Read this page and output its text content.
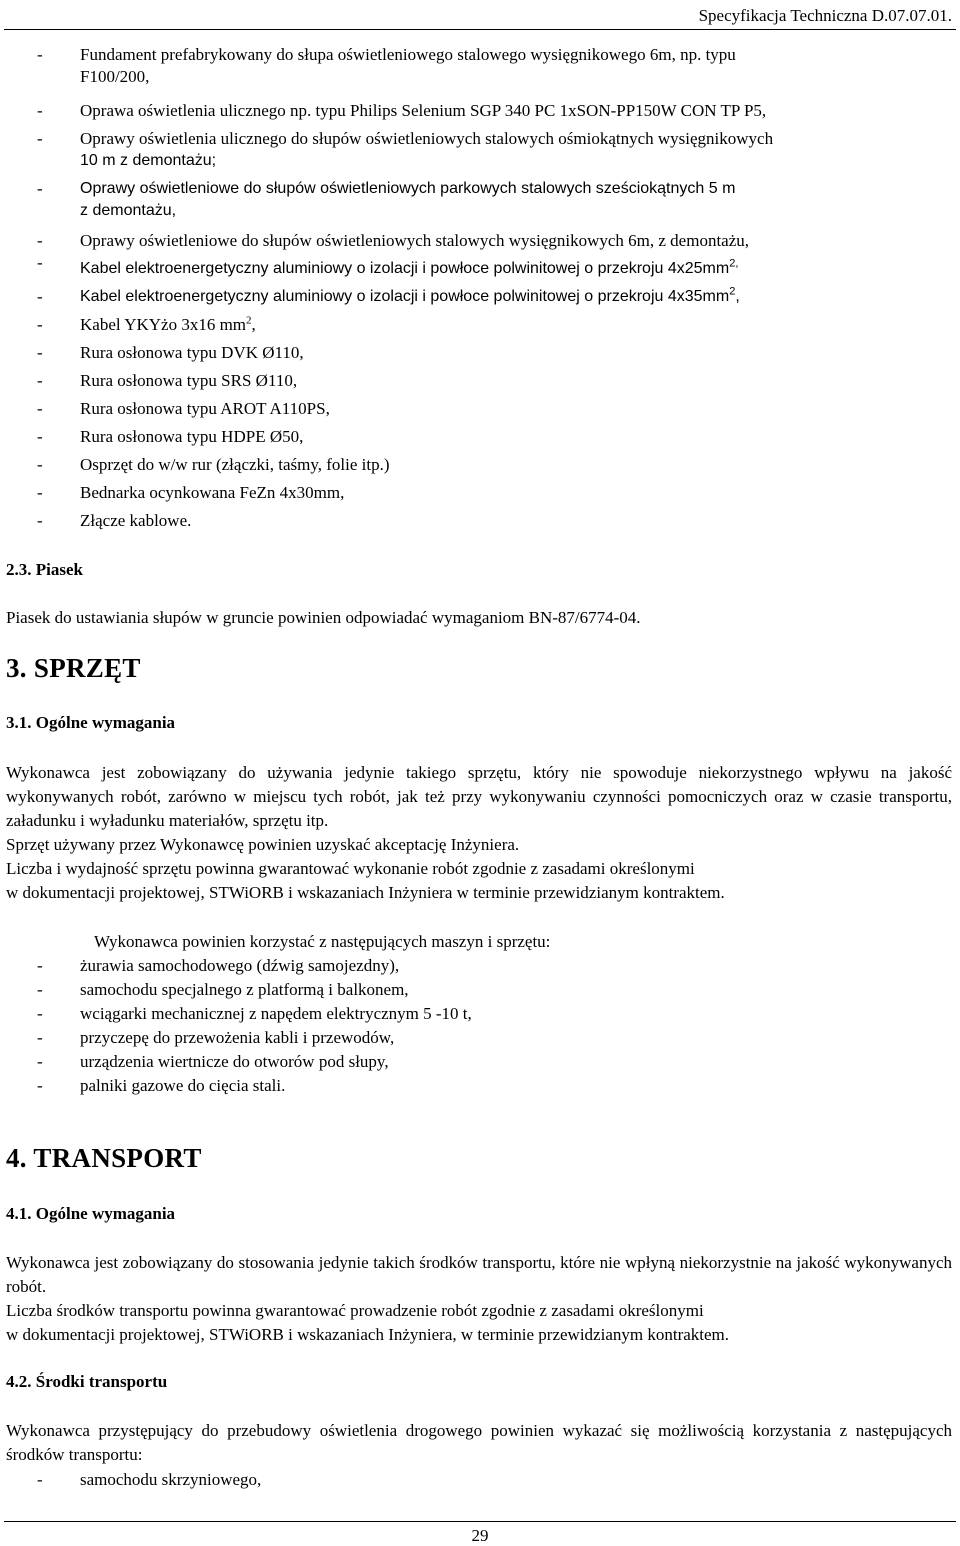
Specyfikacja Techniczna D.07.07.01.
- Fundament prefabrykowany do słupa oświetleniowego stalowego wysięgnikowego 6m, np. typu
F100/200,
- Oprawa oświetlenia ulicznego np. typu Philips Selenium SGP 340 PC 1xSON-PP150W CON TP P5,
- Oprawy oświetlenia ulicznego do słupów oświetleniowych stalowych ośmiokątnych wysięgnikowych
10 m z demontażu;
- Oprawy oświetleniowe do słupów oświetleniowych parkowych stalowych sześciokątnych 5 m
z demontażu,
- Oprawy oświetleniowe do słupów oświetleniowych stalowych wysięgnikowych 6m, z demontażu,
- Kabel elektroenergetyczny aluminiowy o izolacji i powłoce polwinitowej o przekroju $4x25mm^{2,}$
- Kabel elektroenergetyczny aluminiowy o izolacji i powłoce polwinitowej o przekroju $4x35mm^2$,
- Kabel YKYżo 3x16 $mm^2$,
- Rura osłonowa typu DVK Ø110,
- Rura osłonowa typu SRS Ø110,
- Rura osłonowa typu AROT A110PS,
- Rura osłonowa typu HDPE Ø50,
- Osprzęt do w/w rur (złączki, taśmy, folie itp.)
- Bednarka ocynkowana FeZn 4x30mm,
- Złącze kablowe.
2.3. Piasek
Piasek do ustawiania słupów w gruncie powinien odpowiadać wymaganiom BN-87/6774-04.
3. SPRZĘT
3.1. Ogólne wymagania
Wykonawca jest zobowiązany do używania jedynie takiego sprzętu, który nie spowoduje niekorzystnego wpływu na jakość wykonywanych robót, zarówno w miejscu tych robót, jak też przy wykonywaniu czynności pomocniczych oraz w czasie transportu, załadunku i wyładunku materiałów, sprzętu itp.
Sprzęt używany przez Wykonawcę powinien uzyskać akceptację Inżyniera.
Liczba i wydajność sprzętu powinna gwarantować wykonanie robót zgodnie z zasadami określonymi
w dokumentacji projektowej, STWiORB i wskazaniach Inżyniera w terminie przewidzianym kontraktem.
Wykonawca powinien korzystać z następujących maszyn i sprzętu:
- żurawia samochodowego (dźwig samojezdny),
- samochodu specjalnego z platformą i balkonem,
- wciągarki mechanicznej z napędem elektrycznym 5 -10 t,
- przyczepę do przewożenia kabli i przewodów,
- urządzenia wiertnicze do otworów pod słupy,
- palniki gazowe do cięcia stali.
4. TRANSPORT
4.1. Ogólne wymagania
Wykonawca jest zobowiązany do stosowania jedynie takich środków transportu, które nie wpłyną niekorzystnie na jakość wykonywanych robót.
Liczba środków transportu powinna gwarantować prowadzenie robót zgodnie z zasadami określonymi
w dokumentacji projektowej, STWiORB i wskazaniach Inżyniera, w terminie przewidzianym kontraktem.
4.2. Środki transportu
Wykonawca przystępujący do przebudowy oświetlenia drogowego powinien wykazać się możliwością korzystania z następujących środków transportu:
- samochodu skrzyniowego,
29
